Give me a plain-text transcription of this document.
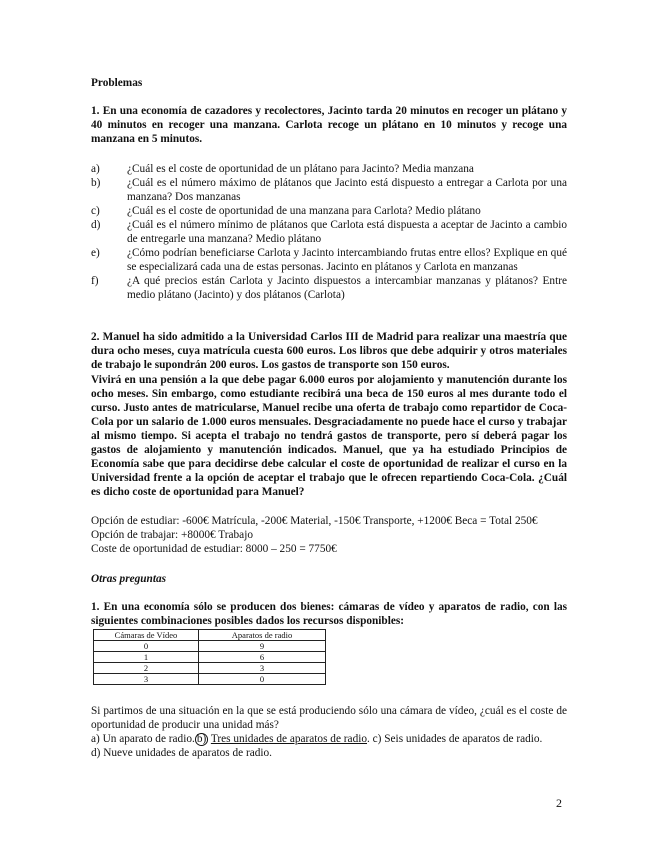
Problemas
1. En una economía de cazadores y recolectores, Jacinto tarda 20 minutos en recoger un plátano y 40 minutos en recoger una manzana. Carlota recoge un plátano en 10 minutos y recoge una manzana en 5 minutos.
a)	¿Cuál es el coste de oportunidad de un plátano para Jacinto? Media manzana
b)	¿Cuál es el número máximo de plátanos que Jacinto está dispuesto a entregar a Carlota por una manzana? Dos manzanas
c)	¿Cuál es el coste de oportunidad de una manzana para Carlota? Medio plátano
d)	¿Cuál es el número mínimo de plátanos que Carlota está dispuesta a aceptar de Jacinto a cambio de entregarle una manzana? Medio plátano
e)	¿Cómo podrían beneficiarse Carlota y Jacinto intercambiando frutas entre ellos? Explique en qué se especializará cada una de estas personas. Jacinto en plátanos y Carlota en manzanas
f)	¿A qué precios están Carlota y Jacinto dispuestos a intercambiar manzanas y plátanos? Entre medio plátano (Jacinto) y dos plátanos (Carlota)
2. Manuel ha sido admitido a la Universidad Carlos III de Madrid para realizar una maestría que dura ocho meses, cuya matrícula cuesta 600 euros. Los libros que debe adquirir y otros materiales de trabajo le supondrán 200 euros. Los gastos de transporte son 150 euros.
Vivirá en una pensión a la que debe pagar 6.000 euros por alojamiento y manutención durante los ocho meses. Sin embargo, como estudiante recibirá una beca de 150 euros al mes durante todo el curso. Justo antes de matricularse, Manuel recibe una oferta de trabajo como repartidor de Coca-Cola por un salario de 1.000 euros mensuales. Desgraciadamente no puede hace el curso y trabajar al mismo tiempo. Si acepta el trabajo no tendrá gastos de transporte, pero sí deberá pagar los gastos de alojamiento y manutención indicados. Manuel, que ya ha estudiado Principios de Economía sabe que para decidirse debe calcular el coste de oportunidad de realizar el curso en la Universidad frente a la opción de aceptar el trabajo que le ofrecen repartiendo Coca-Cola. ¿Cuál es dicho coste de oportunidad para Manuel?
Opción de estudiar: -600€ Matrícula, -200€ Material, -150€ Transporte, +1200€ Beca = Total 250€
Opción de trabajar: +8000€ Trabajo
Coste de oportunidad de estudiar: 8000 – 250 = 7750€
Otras preguntas
1. En una economía sólo se producen dos bienes: cámaras de vídeo y aparatos de radio, con las siguientes combinaciones posibles dados los recursos disponibles:
Cámaras de Vídeo	Aparatos de radio
0	9
1	6
2	3
3	0
Si partimos de una situación en la que se está produciendo sólo una cámara de vídeo, ¿cuál es el coste de oportunidad de producir una unidad más?
a) Un aparato de radio. b) Tres unidades de aparatos de radio. c) Seis unidades de aparatos de radio.
d) Nueve unidades de aparatos de radio.
2
